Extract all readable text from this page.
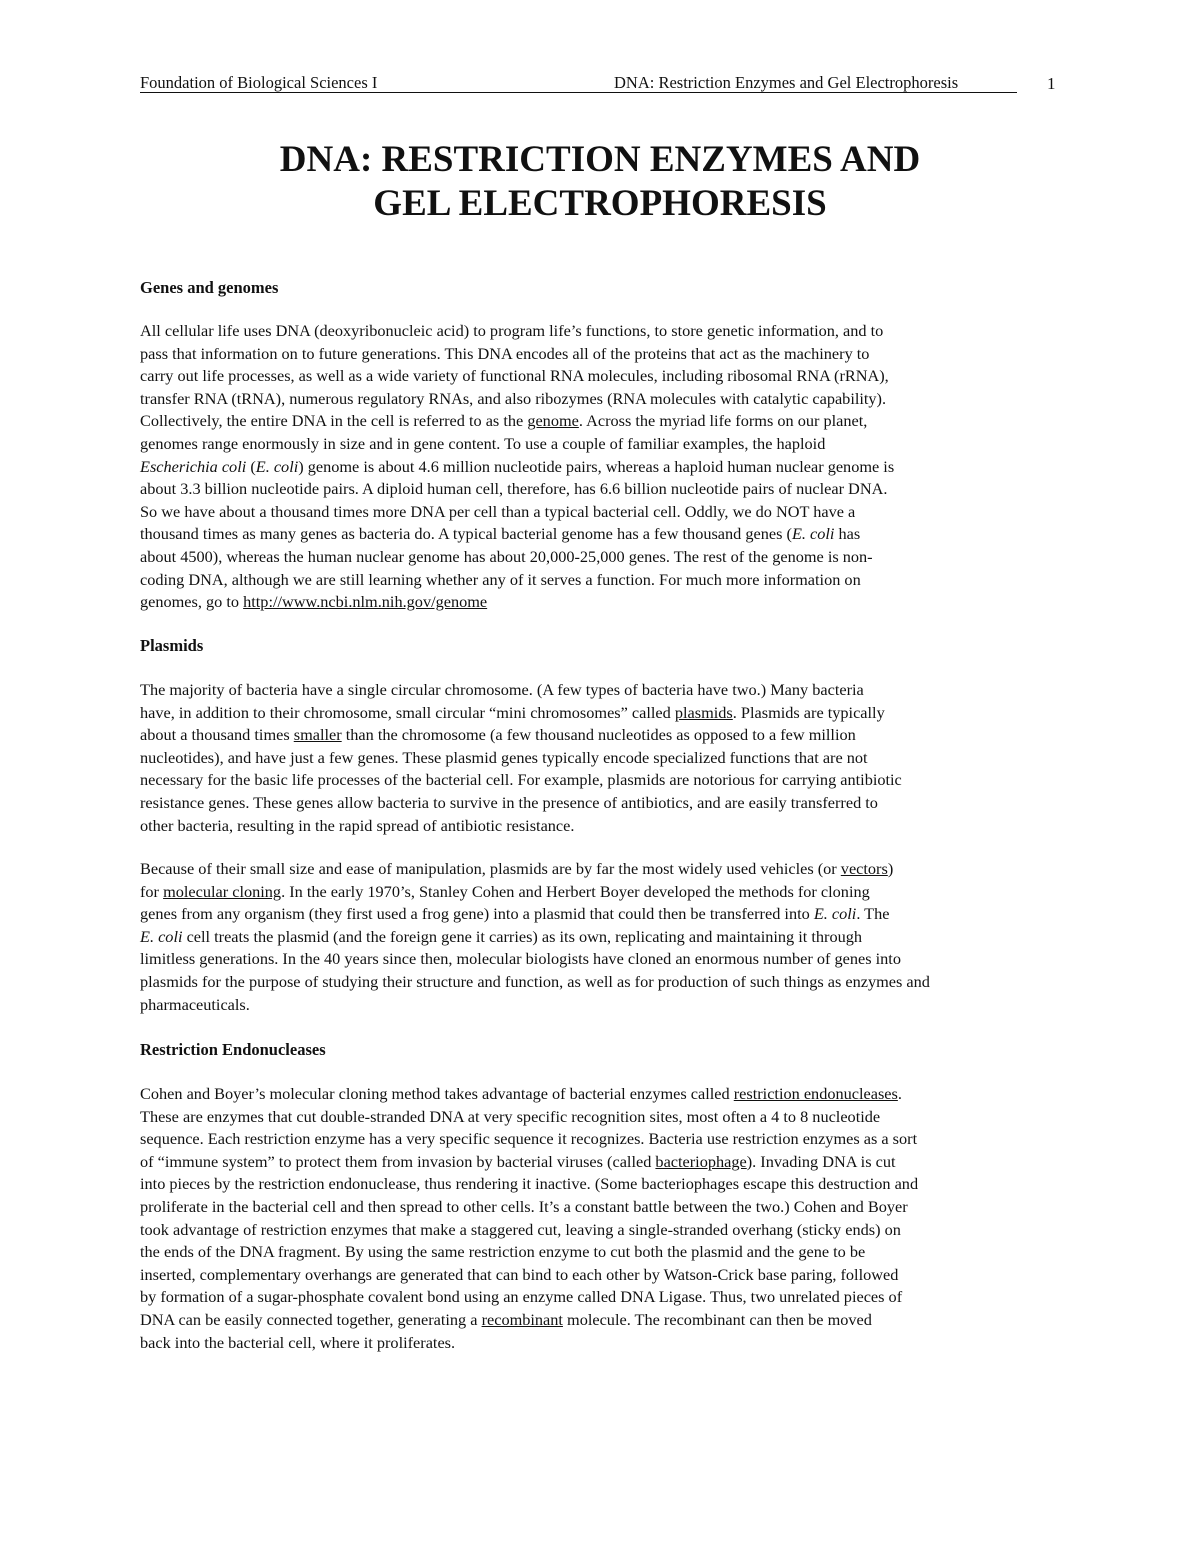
Foundation of Biological Sciences I	DNA: Restriction Enzymes and Gel Electrophoresis	1
DNA: RESTRICTION ENZYMES AND
GEL ELECTROPHORESIS
Genes and genomes
All cellular life uses DNA (deoxyribonucleic acid) to program life’s functions, to store genetic information, and to
pass that information on to future generations. This DNA encodes all of the proteins that act as the machinery to
carry out life processes, as well as a wide variety of functional RNA molecules, including ribosomal RNA (rRNA),
transfer RNA (tRNA), numerous regulatory RNAs, and also ribozymes (RNA molecules with catalytic capability).
Collectively, the entire DNA in the cell is referred to as the genome. Across the myriad life forms on our planet,
genomes range enormously in size and in gene content. To use a couple of familiar examples, the haploid
Escherichia coli (E. coli) genome is about 4.6 million nucleotide pairs, whereas a haploid human nuclear genome is
about 3.3 billion nucleotide pairs. A diploid human cell, therefore, has 6.6 billion nucleotide pairs of nuclear DNA.
So we have about a thousand times more DNA per cell than a typical bacterial cell. Oddly, we do NOT have a
thousand times as many genes as bacteria do. A typical bacterial genome has a few thousand genes (E. coli has
about 4500), whereas the human nuclear genome has about 20,000-25,000 genes. The rest of the genome is non-
coding DNA, although we are still learning whether any of it serves a function. For much more information on
genomes, go to http://www.ncbi.nlm.nih.gov/genome
Plasmids
The majority of bacteria have a single circular chromosome. (A few types of bacteria have two.) Many bacteria
have, in addition to their chromosome, small circular “mini chromosomes” called plasmids. Plasmids are typically
about a thousand times smaller than the chromosome (a few thousand nucleotides as opposed to a few million
nucleotides), and have just a few genes. These plasmid genes typically encode specialized functions that are not
necessary for the basic life processes of the bacterial cell. For example, plasmids are notorious for carrying antibiotic
resistance genes. These genes allow bacteria to survive in the presence of antibiotics, and are easily transferred to
other bacteria, resulting in the rapid spread of antibiotic resistance.
Because of their small size and ease of manipulation, plasmids are by far the most widely used vehicles (or vectors)
for molecular cloning. In the early 1970’s, Stanley Cohen and Herbert Boyer developed the methods for cloning
genes from any organism (they first used a frog gene) into a plasmid that could then be transferred into E. coli. The
E. coli cell treats the plasmid (and the foreign gene it carries) as its own, replicating and maintaining it through
limitless generations. In the 40 years since then, molecular biologists have cloned an enormous number of genes into
plasmids for the purpose of studying their structure and function, as well as for production of such things as enzymes and
pharmaceuticals.
Restriction Endonucleases
Cohen and Boyer’s molecular cloning method takes advantage of bacterial enzymes called restriction endonucleases.
These are enzymes that cut double-stranded DNA at very specific recognition sites, most often a 4 to 8 nucleotide
sequence. Each restriction enzyme has a very specific sequence it recognizes. Bacteria use restriction enzymes as a sort
of “immune system” to protect them from invasion by bacterial viruses (called bacteriophage). Invading DNA is cut
into pieces by the restriction endonuclease, thus rendering it inactive. (Some bacteriophages escape this destruction and
proliferate in the bacterial cell and then spread to other cells. It’s a constant battle between the two.) Cohen and Boyer
took advantage of restriction enzymes that make a staggered cut, leaving a single-stranded overhang (sticky ends) on
the ends of the DNA fragment. By using the same restriction enzyme to cut both the plasmid and the gene to be
inserted, complementary overhangs are generated that can bind to each other by Watson-Crick base paring, followed
by formation of a sugar-phosphate covalent bond using an enzyme called DNA Ligase. Thus, two unrelated pieces of
DNA can be easily connected together, generating a recombinant molecule. The recombinant can then be moved
back into the bacterial cell, where it proliferates.
